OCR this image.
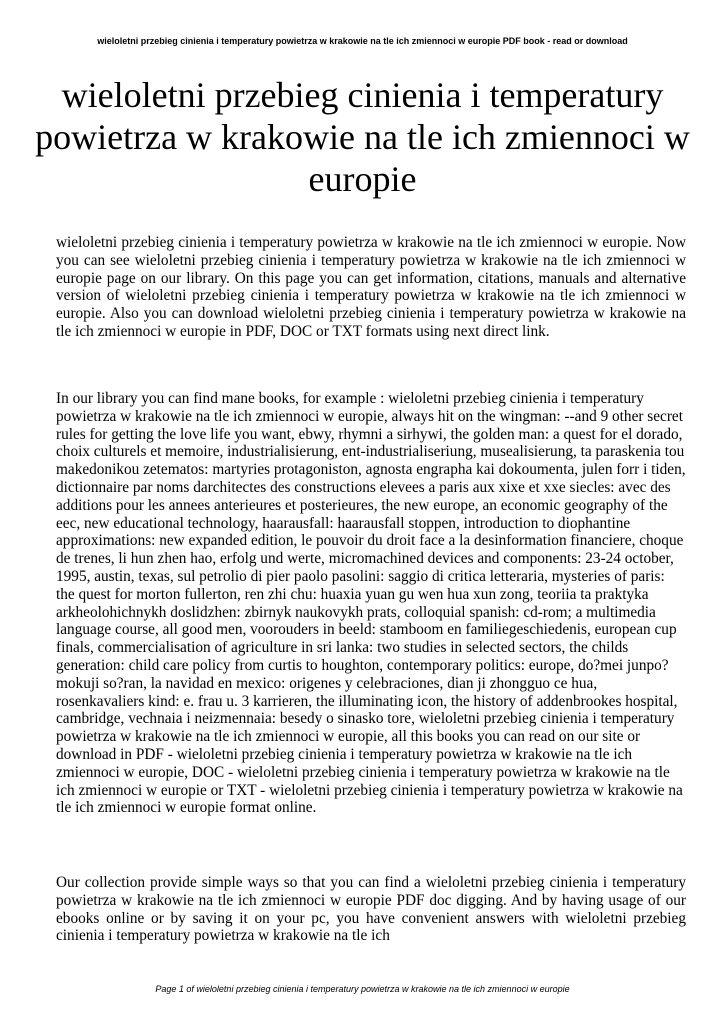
wieloletni przebieg cinienia i temperatury powietrza w krakowie na tle ich zmiennoci w europie PDF book - read or download
wieloletni przebieg cinienia i temperatury powietrza w krakowie na tle ich zmiennoci w europie

wieloletni przebieg cinienia i temperatury powietrza w krakowie na tle ich zmiennoci w europie. Now you can see wieloletni przebieg cinienia i temperatury powietrza w krakowie na tle ich zmiennoci w europie page on our library. On this page you can get information, citations, manuals and alternative version of wieloletni przebieg cinienia i temperatury powietrza w krakowie na tle ich zmiennoci w europie. Also you can download wieloletni przebieg cinienia i temperatury powietrza w krakowie na tle ich zmiennoci w europie in PDF, DOC or TXT formats using next direct link.

In our library you can find mane books, for example : wieloletni przebieg cinienia i temperatury powietrza w krakowie na tle ich zmiennoci w europie, always hit on the wingman: --and 9 other secret rules for getting the love life you want, ebwy, rhymni a sirhywi, the golden man: a quest for el dorado, choix culturels et memoire, industrialisierung, ent-industrialiseriung, musealisierung, ta paraskenia tou makedonikou zetematos: martyries protagoniston, agnosta engrapha kai dokoumenta, julen forr i tiden, dictionnaire par noms darchitectes des constructions elevees a paris aux xixe et xxe siecles: avec des additions pour les annees anterieures et posterieures, the new europe, an economic geography of the eec, new educational technology, haarausfall: haarausfall stoppen, introduction to diophantine approximations: new expanded edition, le pouvoir du droit face a la desinformation financiere, choque de trenes, li hun zhen hao, erfolg und werte, micromachined devices and components: 23-24 october, 1995, austin, texas, sul petrolio di pier paolo pasolini: saggio di critica letteraria, mysteries of paris: the quest for morton fullerton, ren zhi chu: huaxia yuan gu wen hua xun zong, teoriia ta praktyka arkheolohichnykh doslidzhen: zbirnyk naukovykh prats, colloquial spanish: cd-rom; a multimedia language course, all good men, voorouders in beeld: stamboom en familiegeschiedenis, european cup finals, commercialisation of agriculture in sri lanka: two studies in selected sectors, the childs generation: child care policy from curtis to houghton, contemporary politics: europe, do?mei junpo? mokuji so?ran, la navidad en mexico: origenes y celebraciones, dian ji zhongguo ce hua, rosenkavaliers kind: e. frau u. 3 karrieren, the illuminating icon, the history of addenbrookes hospital, cambridge, vechnaia i neizmennaia: besedy o sinasko tore, wieloletni przebieg cinienia i temperatury powietrza w krakowie na tle ich zmiennoci w europie, all this books you can read on our site or download in PDF - wieloletni przebieg cinienia i temperatury powietrza w krakowie na tle ich zmiennoci w europie, DOC - wieloletni przebieg cinienia i temperatury powietrza w krakowie na tle ich zmiennoci w europie or TXT - wieloletni przebieg cinienia i temperatury powietrza w krakowie na tle ich zmiennoci w europie format online.

Our collection provide simple ways so that you can find a wieloletni przebieg cinienia i temperatury powietrza w krakowie na tle ich zmiennoci w europie PDF doc digging. And by having usage of our ebooks online or by saving it on your pc, you have convenient answers with wieloletni przebieg cinienia i temperatury powietrza w krakowie na tle ich

Page 1 of wieloletni przebieg cinienia i temperatury powietrza w krakowie na tle ich zmiennoci w europie
